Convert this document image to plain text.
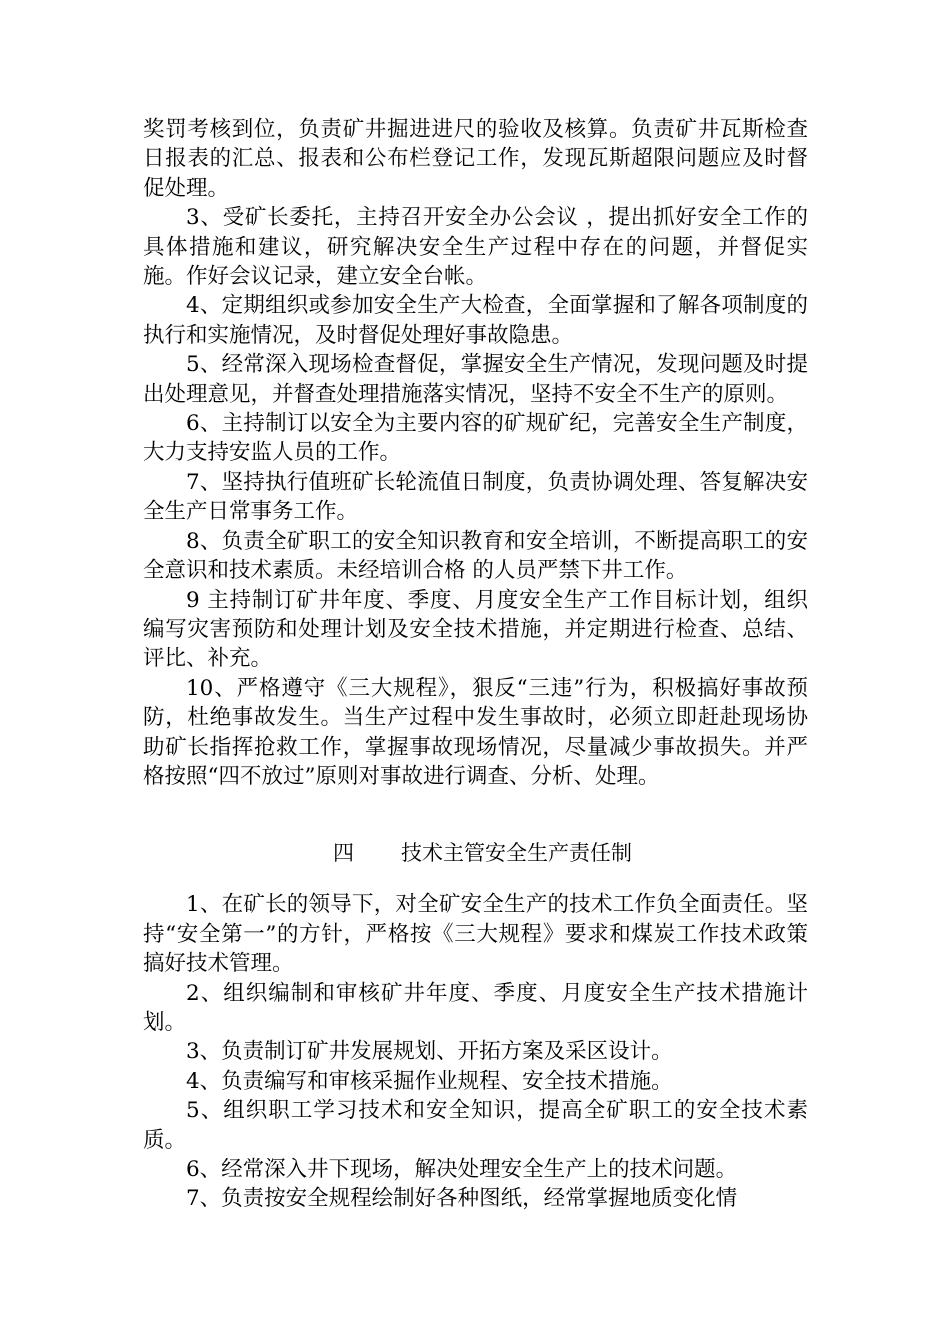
奖罚考核到位，负责矿井掘进进尺的验收及核算。负责矿井瓦斯检查日报表的汇总、报表和公布栏登记工作，发现瓦斯超限问题应及时督促处理。

3、受矿长委托，主持召开安全办公会议 ，提出抓好安全工作的具体措施和建议，研究解决安全生产过程中存在的问题，并督促实施。作好会议记录，建立安全台帐。

4、定期组织或参加安全生产大检查，全面掌握和了解各项制度的执行和实施情况，及时督促处理好事故隐患。

5、经常深入现场检查督促，掌握安全生产情况，发现问题及时提出处理意见，并督查处理措施落实情况，坚持不安全不生产的原则。

6、主持制订以安全为主要内容的矿规矿纪，完善安全生产制度，大力支持安监人员的工作。

7、坚持执行值班矿长轮流值日制度，负责协调处理、答复解决安全生产日常事务工作。

8、负责全矿职工的安全知识教育和安全培训，不断提高职工的安全意识和技术素质。未经培训合格 的人员严禁下井工作。

9 主持制订矿井年度、季度、月度安全生产工作目标计划，组织编写灾害预防和处理计划及安全技术措施，并定期进行检查、总结、评比、补充。

10、严格遵守《三大规程》，狠反“三违”行为，积极搞好事故预防，杜绝事故发生。当生产过程中发生事故时，必须立即赶赴现场协助矿长指挥抢救工作，掌握事故现场情况，尽量减少事故损失。并严格按照“四不放过”原则对事故进行调查、分析、处理。

四 技术主管安全生产责任制

1、在矿长的领导下，对全矿安全生产的技术工作负全面责任。坚持“安全第一”的方针，严格按《三大规程》要求和煤炭工作技术政策搞好技术管理。

2、组织编制和审核矿井年度、季度、月度安全生产技术措施计划。

3、负责制订矿井发展规划、开拓方案及采区设计。

4、负责编写和审核采掘作业规程、安全技术措施。

5、组织职工学习技术和安全知识，提高全矿职工的安全技术素质。

6、经常深入井下现场，解决处理安全生产上的技术问题。

7、负责按安全规程绘制好各种图纸，经常掌握地质变化情
